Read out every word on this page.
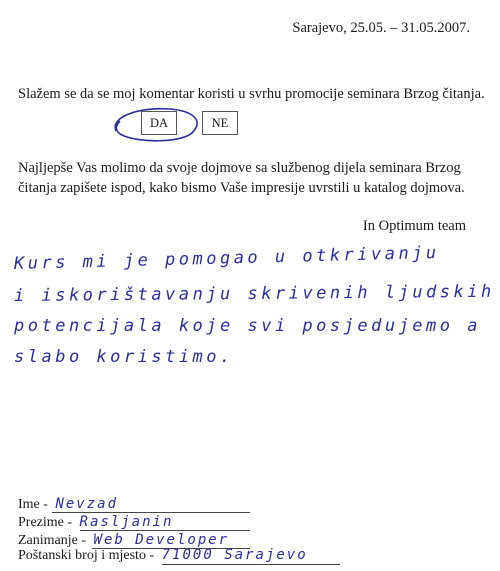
Sarajevo, 25.05. – 31.05.2007.
Slažem se da se moj komentar koristi u svrhu promocije seminara Brzog čitanja.
DA	NE
Najljepše Vas molimo da svoje dojmove sa službenog dijela seminara Brzog
čitanja zapišete ispod, kako bismo Vaše impresije uvrstili u katalog dojmova.
In Optimum team
Kurs mi je pomogao u otkrivanju
i iskorištavanju skrivenih ljudskih
potencijala koje svi posjedujemo a
slabo koristimo.
Ime - Nevzad
Prezime - Rasljanin
Zanimanje - Web Developer
Poštanski broj i mjesto - 71000 Sarajevo
